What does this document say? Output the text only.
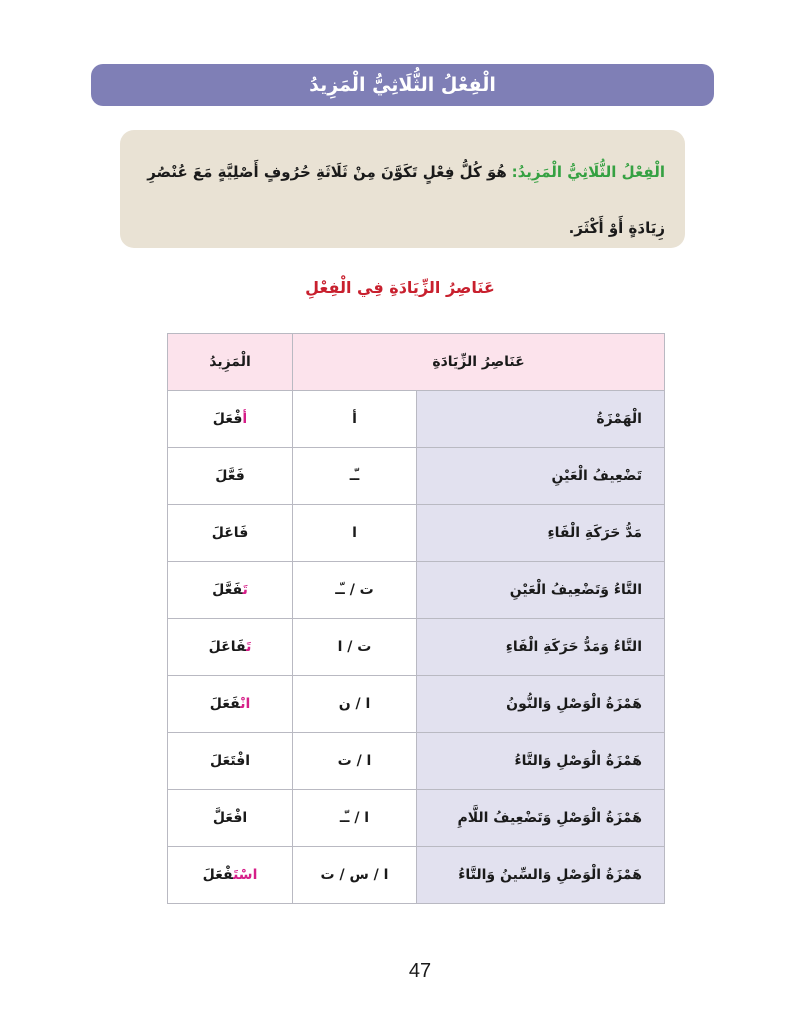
الْفِعْلُ الثُّلَاثِيُّ الْمَزِيدُ
الْفِعْلُ الثُّلَاثِيُّ الْمَزِيدُ: هُوَ كُلُّ فِعْلٍ تَكَوَّنَ مِنْ ثَلَاثَةِ حُرُوفٍ أَصْلِيَّةٍ مَعَ عُنْصُرِ زِيَادَةٍ أَوْ أَكْثَرَ.
عَنَاصِرُ الزِّيَادَةِ فِي الْفِعْلِ
عَنَاصِرُ الزِّيَادَةِ		الْمَزِيدُ
الْهَمْزَةُ	أ	أفْعَلَ
تَضْعِيفُ الْعَيْنِ	ـّـ	فَعَّلَ
مَدُّ حَرَكَةِ الْفَاءِ	ا	فَاعَلَ
التَّاءُ وَتَضْعِيفُ الْعَيْنِ	ت / ـّـ	تَفَعَّلَ
التَّاءُ وَمَدُّ حَرَكَةِ الْفَاءِ	ت / ا	تَفَاعَلَ
هَمْزَةُ الْوَصْلِ وَالنُّونُ	ا / ن	انْفَعَلَ
هَمْزَةُ الْوَصْلِ وَالتَّاءُ	ا / ت	افْتَعَلَ
هَمْزَةُ الْوَصْلِ وَتَضْعِيفُ اللَّامِ	ا / ـّـ	افْعَلَّ
هَمْزَةُ الْوَصْلِ وَالسِّينُ وَالتَّاءُ	ا / س / ت	اسْتَفْعَلَ
47
